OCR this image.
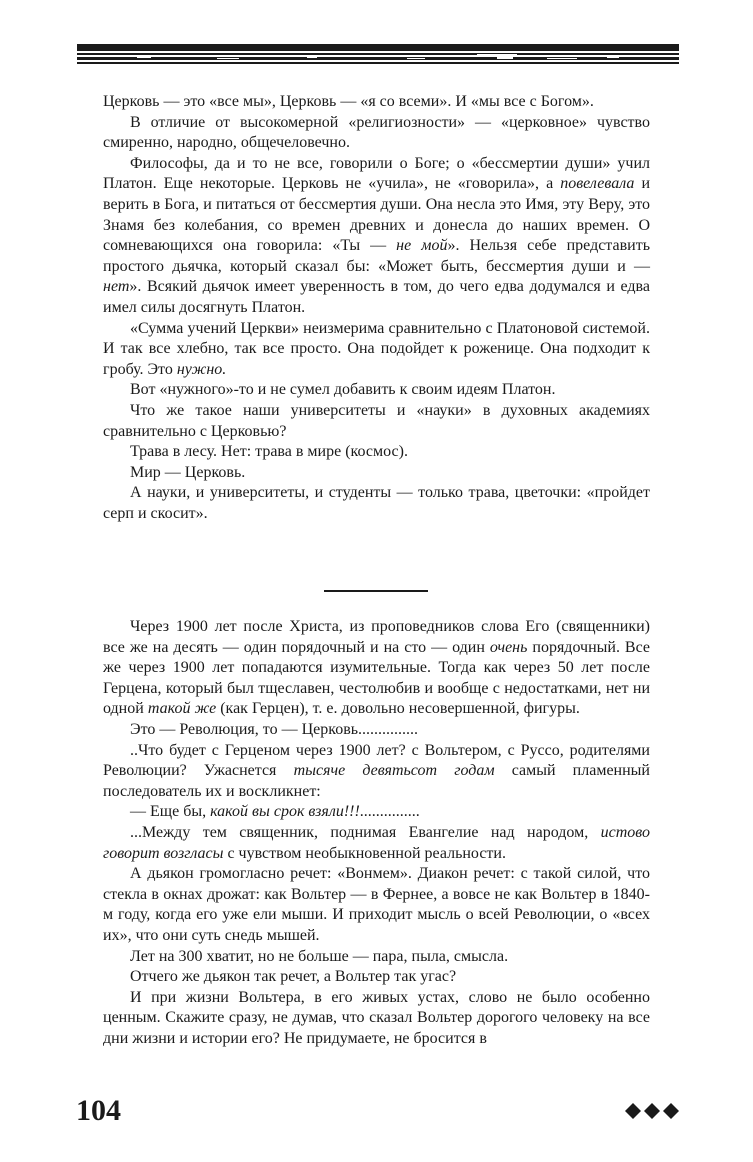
Церковь — это «все мы», Церковь — «я со всеми». И «мы все с Богом».

В отличие от высокомерной «религиозности» — «церковное» чувство смиренно, народно, общечеловечно.

Философы, да и то не все, говорили о Боге; о «бессмертии души» учил Платон. Еще некоторые. Церковь не «учила», не «говорила», а повелевала и верить в Бога, и питаться от бессмертия души. Она несла это Имя, эту Веру, это Знамя без колебания, со времен древних и донесла до наших времен. О сомневающихся она говорила: «Ты — не мой». Нельзя себе представить простого дьячка, который сказал бы: «Может быть, бессмертия души и — нет». Всякий дьячок имеет уверенность в том, до чего едва додумался и едва имел силы досягнуть Платон.

«Сумма учений Церкви» неизмерима сравнительно с Платоновой системой. И так все хлебно, так все просто. Она подойдет к роженице. Она подходит к гробу. Это нужно.

Вот «нужного»-то и не сумел добавить к своим идеям Платон.

Что же такое наши университеты и «науки» в духовных академиях сравнительно с Церковью?

Трава в лесу. Нет: трава в мире (космос).

Мир — Церковь.

А науки, и университеты, и студенты — только трава, цветочки: «пройдет серп и скосит».

Через 1900 лет после Христа, из проповедников слова Его (священники) все же на десять — один порядочный и на сто — один очень порядочный. Все же через 1900 лет попадаются изумительные. Тогда как через 50 лет после Герцена, который был тщеславен, честолюбив и вообще с недостатками, нет ни одной такой же (как Герцен), т. е. довольно несовершенной, фигуры.

Это — Революция, то — Церковь...............

..Что будет с Герценом через 1900 лет? с Вольтером, с Руссо, родителями Революции? Ужаснется тысяче девятьсот годам самый пламенный последователь их и воскликнет:

— Еще бы, какой вы срок взяли!!!...............

...Между тем священник, поднимая Евангелие над народом, истово говорит возгласы с чувством необыкновенной реальности.

А дьякон громогласно речет: «Вонмем». Диакон речет: с такой силой, что стекла в окнах дрожат: как Вольтер — в Фернее, а вовсе не как Вольтер в 1840-м году, когда его уже ели мыши. И приходит мысль о всей Революции, о «всех их», что они суть снедь мышей.

Лет на 300 хватит, но не больше — пара, пыла, смысла.

Отчего же дьякон так речет, а Вольтер так угас?

И при жизни Вольтера, в его живых устах, слово не было особенно ценным. Скажите сразу, не думав, что сказал Вольтер дорогого человеку на все дни жизни и истории его? Не придумаете, не бросится в

104
